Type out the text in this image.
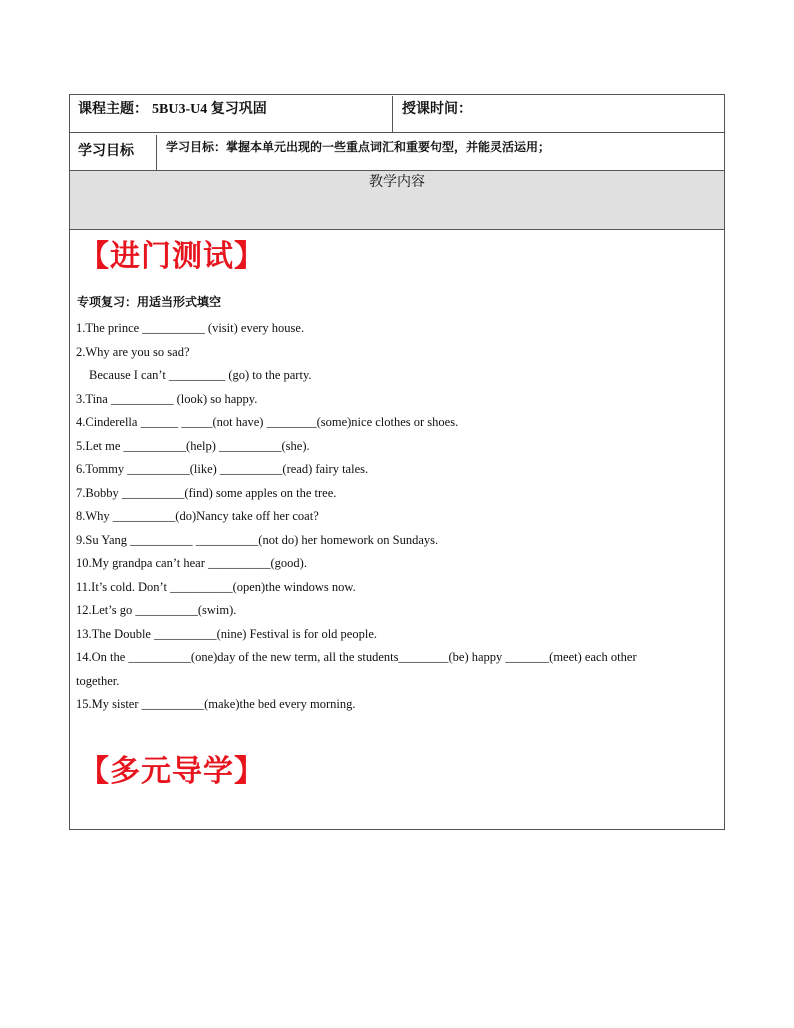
课程主题： 5BU3-U4 复习巩固	授课时间：
学习目标	学习目标：掌握本单元出现的一些重点词汇和重要句型，并能灵活运用；
教学内容
【进门测试】
专项复习：用适当形式填空
1.The prince __________ (visit) every house.
2.Why are you so sad?
Because I can’t _________ (go) to the party.
3.Tina __________ (look) so happy.
4.Cinderella ______ _____(not have) ________(some)nice clothes or shoes.
5.Let me __________(help) __________(she).
6.Tommy __________(like) __________(read) fairy tales.
7.Bobby __________(find) some apples on the tree.
8.Why __________(do)Nancy take off her coat?
9.Su Yang __________ __________(not do) her homework on Sundays.
10.My grandpa can’t hear __________(good).
11.It’s cold. Don’t __________(open)the windows now.
12.Let’s go __________(swim).
13.The Double __________(nine) Festival is for old people.
14.On the __________(one)day of the new term, all the students________(be) happy _______(meet) each other
together.
15.My sister __________(make)the bed every morning.
【多元导学】
